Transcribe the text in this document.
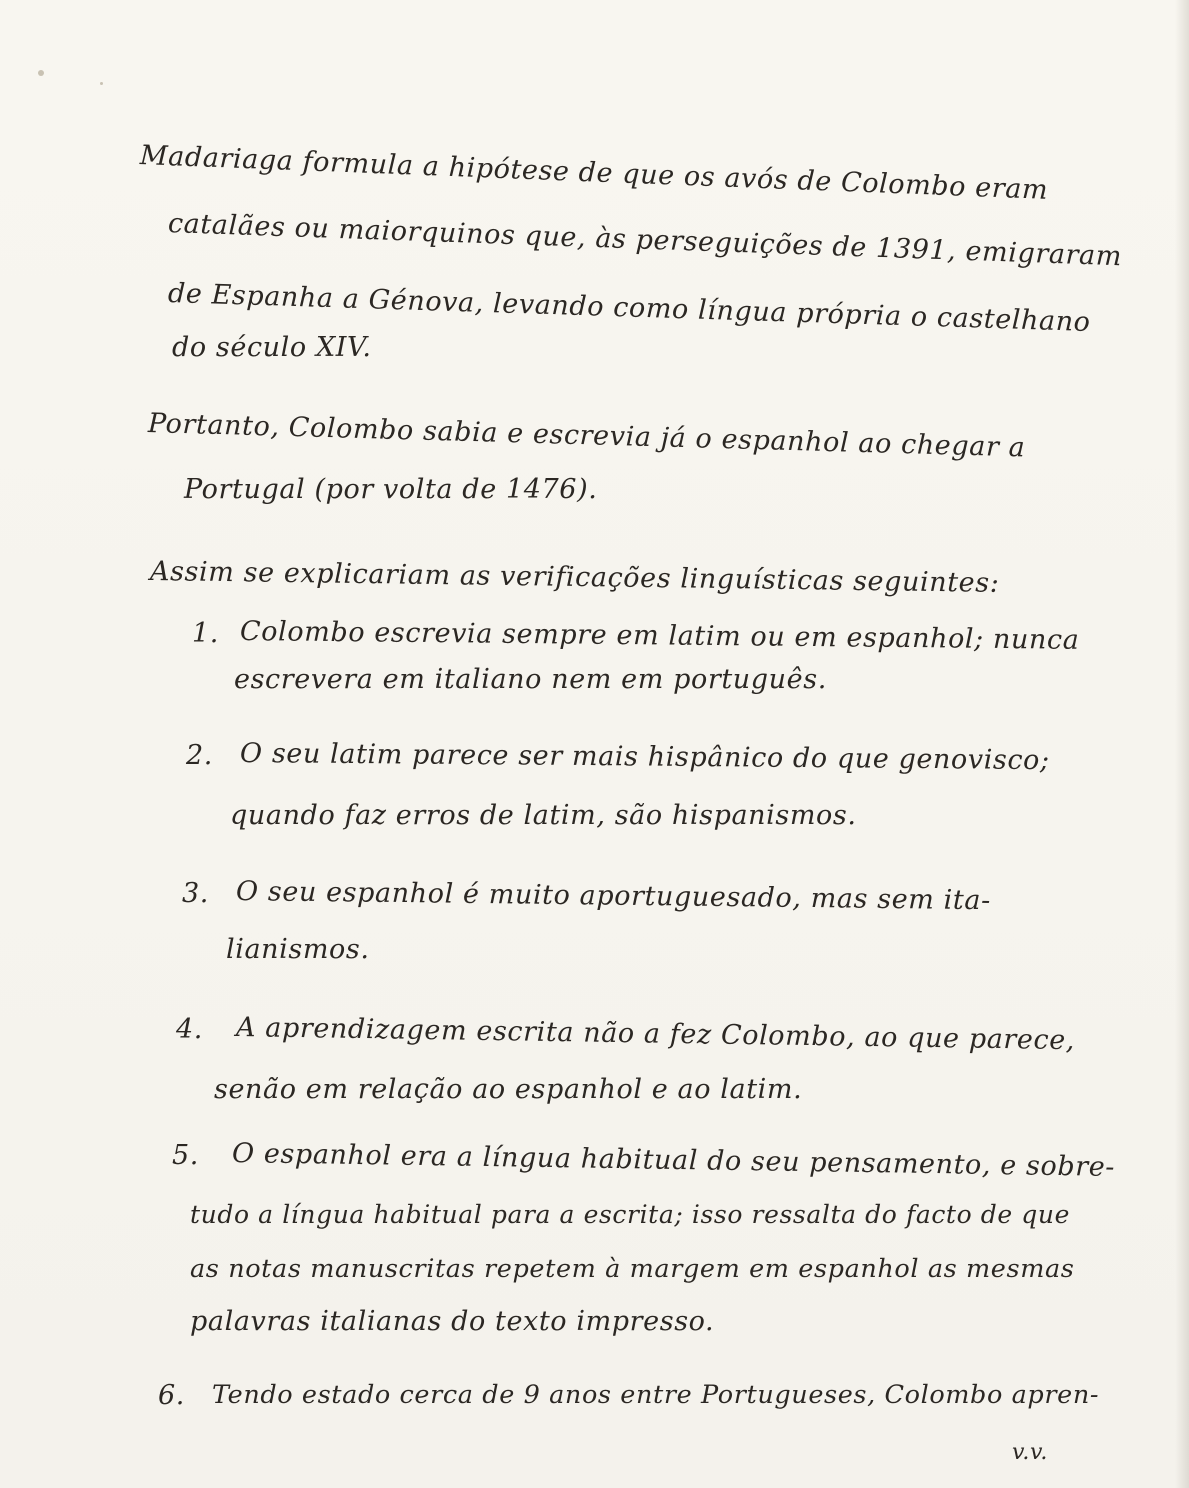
Madariaga formula a hipótese de que os avós de Colombo eram
catalães ou maiorquinos que, às perseguições de 1391, emigraram
de Espanha a Génova, levando como língua própria o castelhano
do século XIV.
Portanto, Colombo sabia e escrevia já o espanhol ao chegar a
Portugal (por volta de 1476).
Assim se explicariam as verificações linguísticas seguintes:
1. Colombo escrevia sempre em latim ou em espanhol; nunca
escrevera em italiano nem em português.
2. O seu latim parece ser mais hispânico do que genovisco;
quando faz erros de latim, são hispanismos.
3. O seu espanhol é muito aportuguesado, mas sem ita-
lianismos.
4. A aprendizagem escrita não a fez Colombo, ao que parece,
senão em relação ao espanhol e ao latim.
5. O espanhol era a língua habitual do seu pensamento, e sobre-
tudo a língua habitual para a escrita; isso ressalta do facto de que
as notas manuscritas repetem à margem em espanhol as mesmas
palavras italianas do texto impresso.
6. Tendo estado cerca de 9 anos entre Portugueses, Colombo apren-
v.v.
